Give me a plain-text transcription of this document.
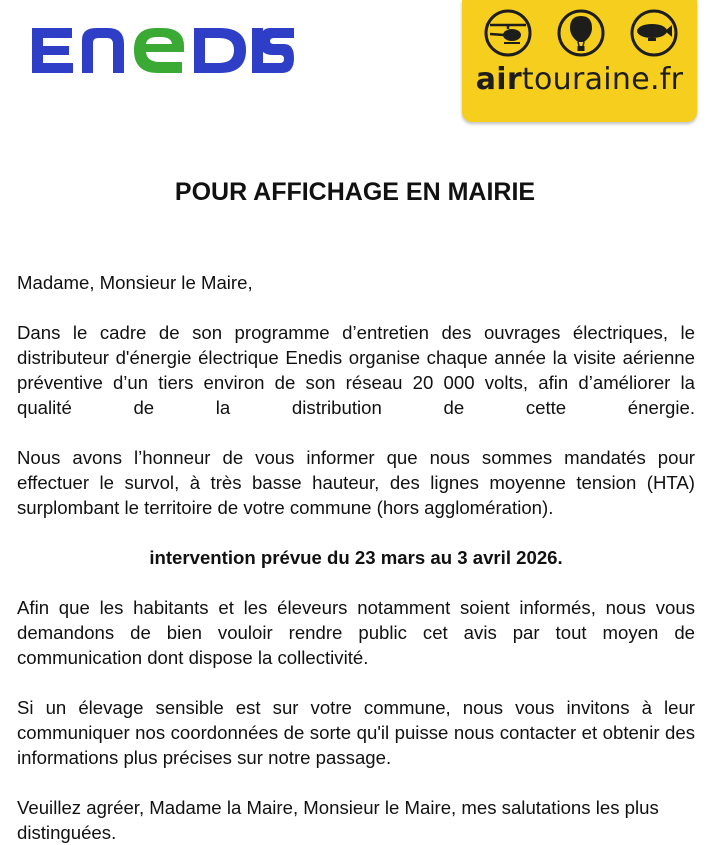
airtouraine.fr
POUR AFFICHAGE EN MAIRIE

Madame, Monsieur le Maire,

Dans le cadre de son programme d’entretien des ouvrages électriques, le distributeur d'énergie électrique Enedis organise chaque année la visite aérienne préventive d’un tiers environ de son réseau 20 000 volts, afin d’améliorer la qualité de la distribution de cette énergie.

Nous avons l’honneur de vous informer que nous sommes mandatés pour effectuer le survol, à très basse hauteur, des lignes moyenne tension (HTA) surplombant le territoire de votre commune (hors agglomération).

intervention prévue du 23 mars au 3 avril 2026.

Afin que les habitants et les éleveurs notamment soient informés, nous vous demandons de bien vouloir rendre public cet avis par tout moyen de communication dont dispose la collectivité.

Si un élevage sensible est sur votre commune, nous vous invitons à leur communiquer nos coordonnées de sorte qu'il puisse nous contacter et obtenir des informations plus précises sur notre passage.

Veuillez agréer, Madame la Maire, Monsieur le Maire, mes salutations les plus distinguées.
